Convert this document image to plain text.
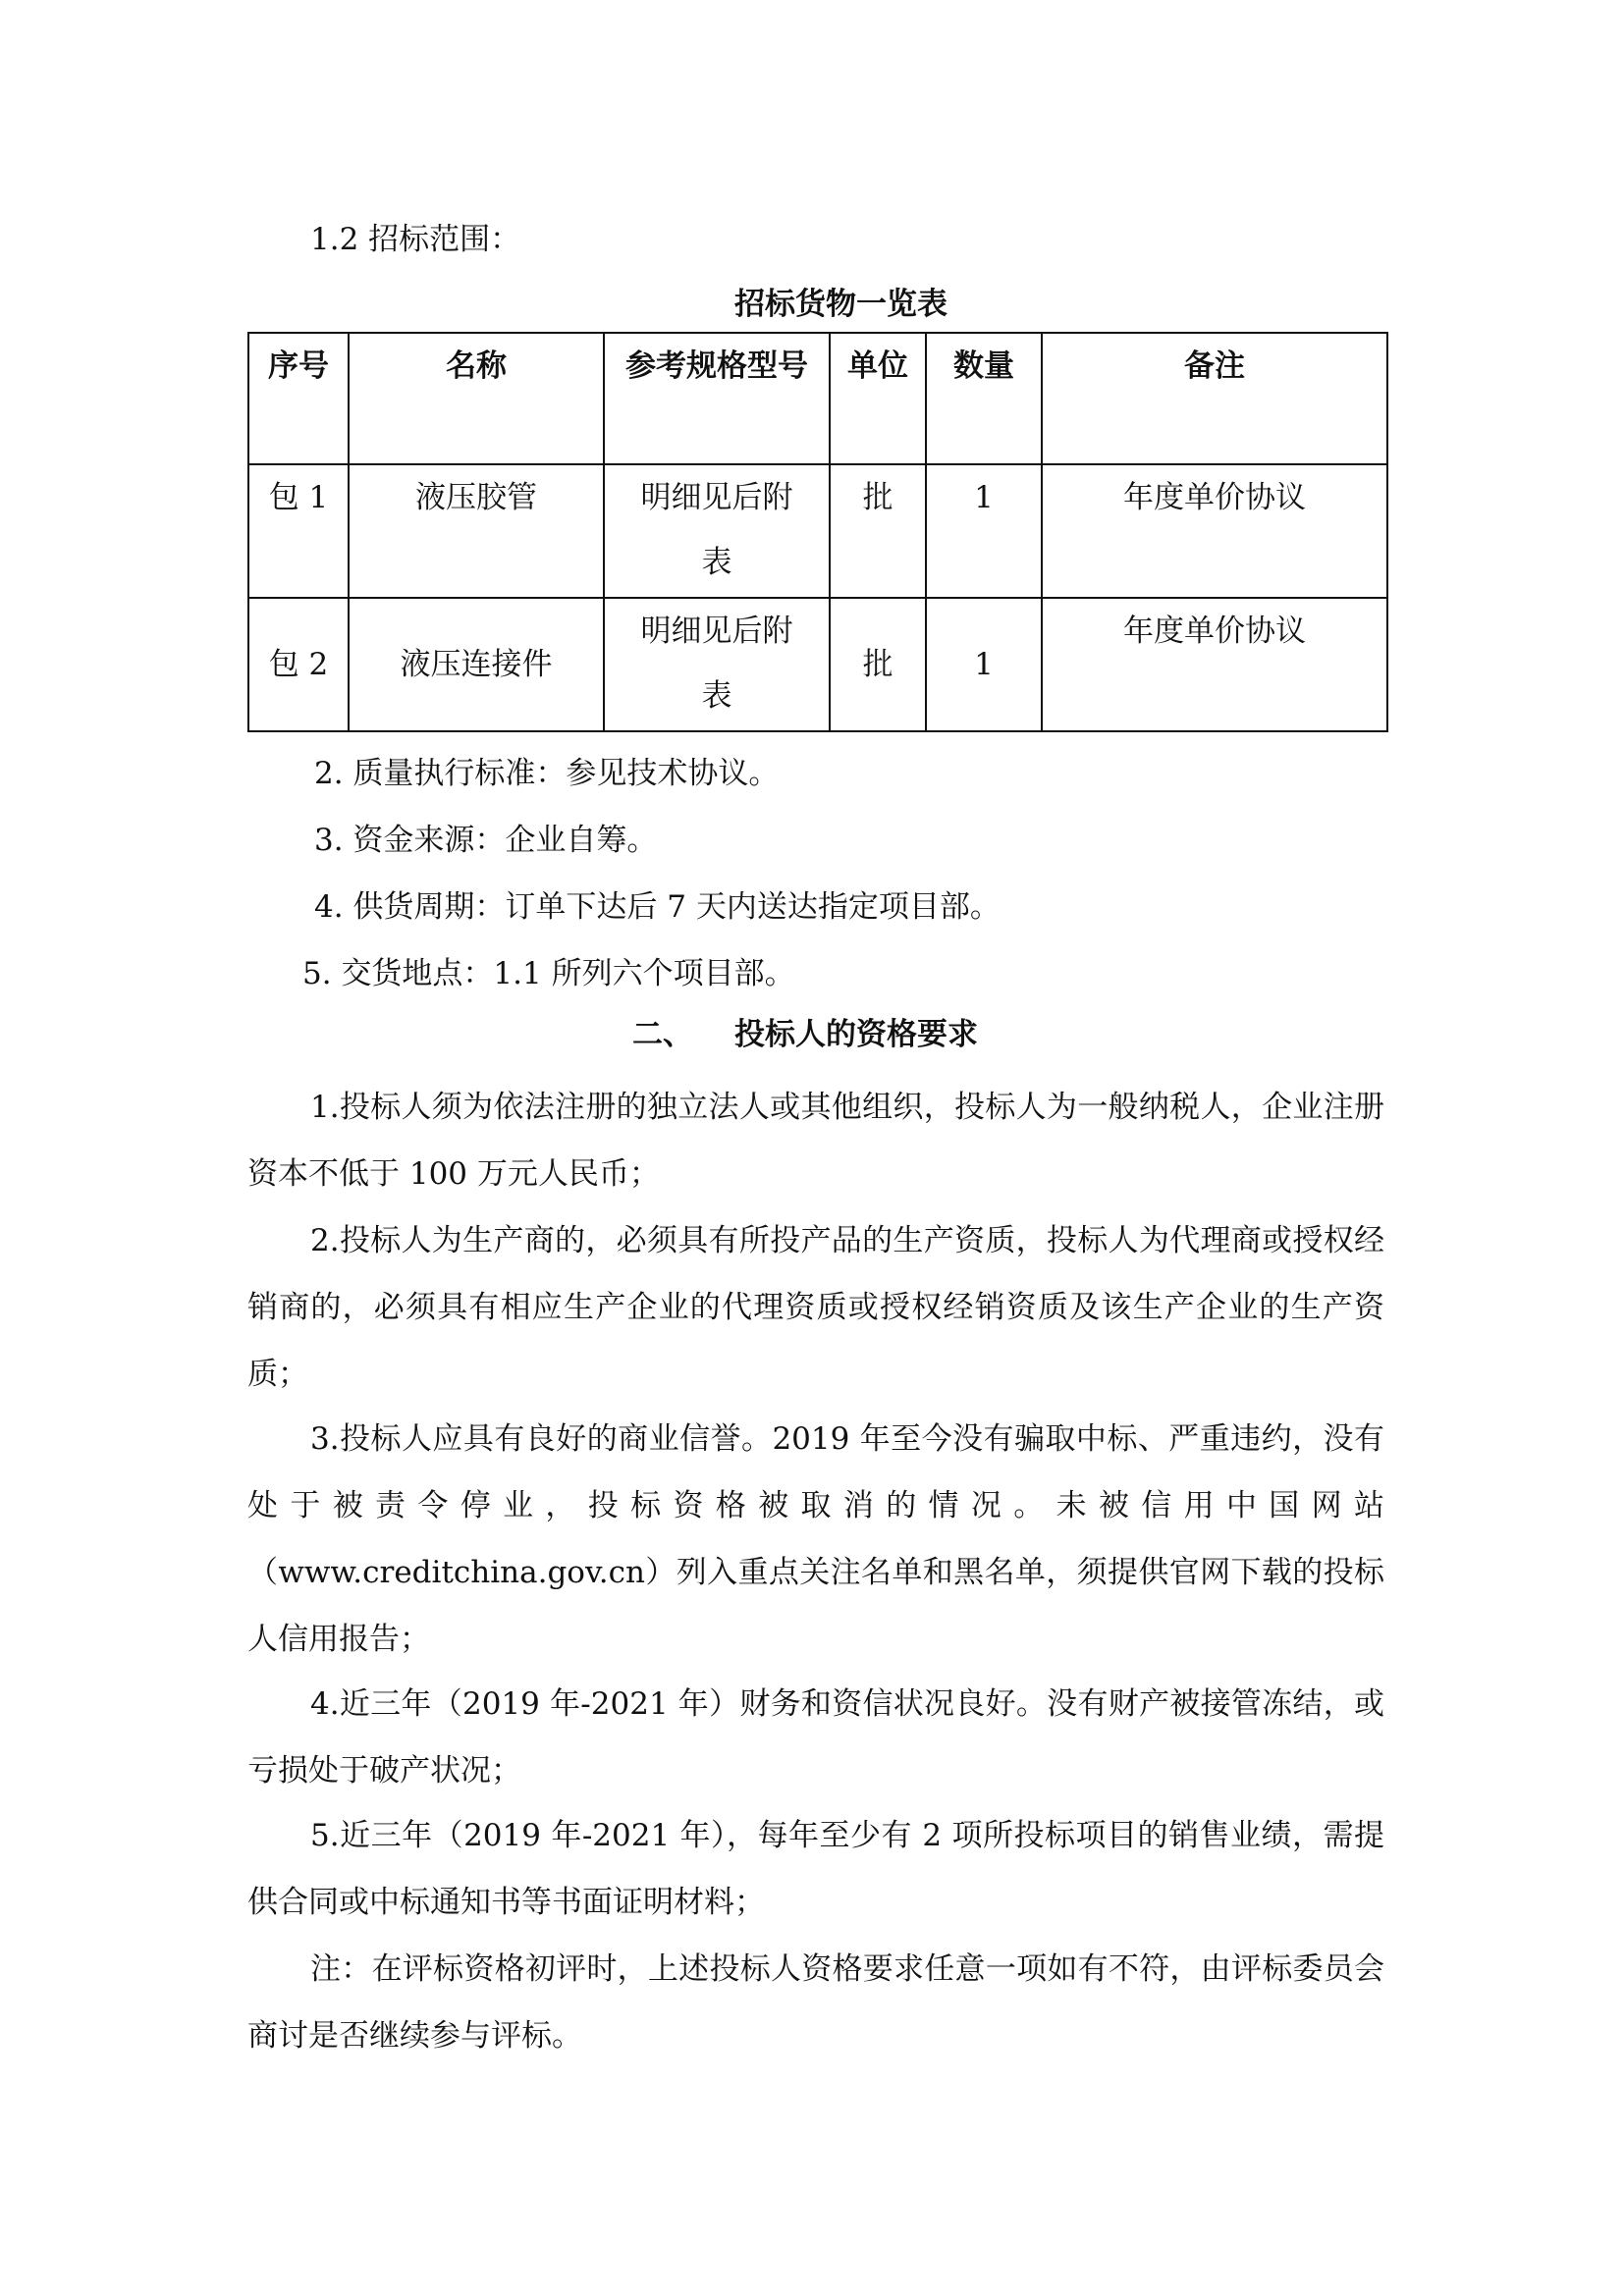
1.2 招标范围：
招标货物一览表
序号	名称	参考规格型号	单位	数量	备注
包 1	液压胶管	明细见后附表	批	1	年度单价协议
包 2	液压连接件	明细见后附表	批	1	年度单价协议
2. 质量执行标准：参见技术协议。
3. 资金来源：企业自筹。
4. 供货周期：订单下达后 7 天内送达指定项目部。
5. 交货地点：1.1 所列六个项目部。
二、 投标人的资格要求
1.投标人须为依法注册的独立法人或其他组织，投标人为一般纳税人，企业注册资本不低于 100 万元人民币；
2.投标人为生产商的，必须具有所投产品的生产资质，投标人为代理商或授权经销商的，必须具有相应生产企业的代理资质或授权经销资质及该生产企业的生产资质；
3.投标人应具有良好的商业信誉。2019 年至今没有骗取中标、严重违约，没有处于被责令停业，投标资格被取消的情况。未被信用中国网站（www.creditchina.gov.cn）列入重点关注名单和黑名单，须提供官网下载的投标人信用报告；
4.近三年（2019 年-2021 年）财务和资信状况良好。没有财产被接管冻结，或亏损处于破产状况；
5.近三年（2019 年-2021 年），每年至少有 2 项所投标项目的销售业绩，需提供合同或中标通知书等书面证明材料；
注：在评标资格初评时，上述投标人资格要求任意一项如有不符，由评标委员会商讨是否继续参与评标。
